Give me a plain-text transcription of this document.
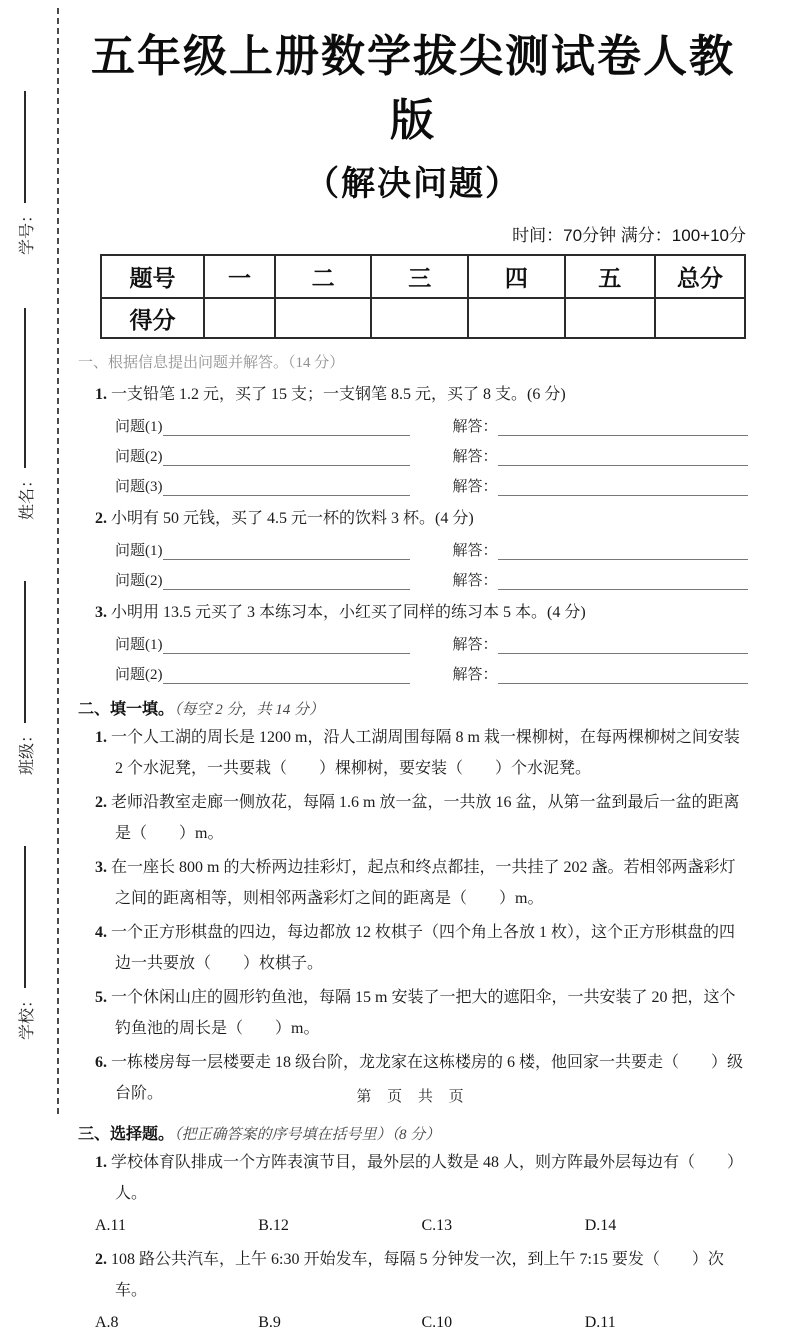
学号：
姓名：
班级：
学校：
五年级上册数学拔尖测试卷人教版
（解决问题）
时间：70分钟 满分：100+10分
题号	一	二	三	四	五	总分
得分						
一、根据信息提出问题并解答。（14 分）
1. 一支铅笔 1.2 元，买了 15 支；一支钢笔 8.5 元，买了 8 支。(6 分)
问题(1)	解答：
问题(2)	解答：
问题(3)	解答：
2. 小明有 50 元钱，买了 4.5 元一杯的饮料 3 杯。(4 分)
问题(1)	解答：
问题(2)	解答：
3. 小明用 13.5 元买了 3 本练习本，小红买了同样的练习本 5 本。(4 分)
问题(1)	解答：
问题(2)	解答：
二、填一填。（每空 2 分，共 14 分）
1. 一个人工湖的周长是 1200 m，沿人工湖周围每隔 8 m 栽一棵柳树，在每两棵柳树之间安装 2 个水泥凳，一共要栽（　　）棵柳树，要安装（　　）个水泥凳。
2. 老师沿教室走廊一侧放花，每隔 1.6 m 放一盆，一共放 16 盆，从第一盆到最后一盆的距离是（　　）m。
3. 在一座长 800 m 的大桥两边挂彩灯，起点和终点都挂，一共挂了 202 盏。若相邻两盏彩灯之间的距离相等，则相邻两盏彩灯之间的距离是（　　）m。
4. 一个正方形棋盘的四边，每边都放 12 枚棋子（四个角上各放 1 枚），这个正方形棋盘的四边一共要放（　　）枚棋子。
5. 一个休闲山庄的圆形钓鱼池，每隔 15 m 安装了一把大的遮阳伞，一共安装了 20 把，这个钓鱼池的周长是（　　）m。
6. 一栋楼房每一层楼要走 18 级台阶，龙龙家在这栋楼房的 6 楼，他回家一共要走（　　）级台阶。
三、选择题。（把正确答案的序号填在括号里）（8 分）
1. 学校体育队排成一个方阵表演节目，最外层的人数是 48 人，则方阵最外层每边有（　　）人。
A.11	B.12	C.13	D.14
2. 108 路公共汽车，上午 6:30 开始发车，每隔 5 分钟发一次，到上午 7:15 要发（　　）次车。
A.8	B.9	C.10	D.11
第 页 共 页
